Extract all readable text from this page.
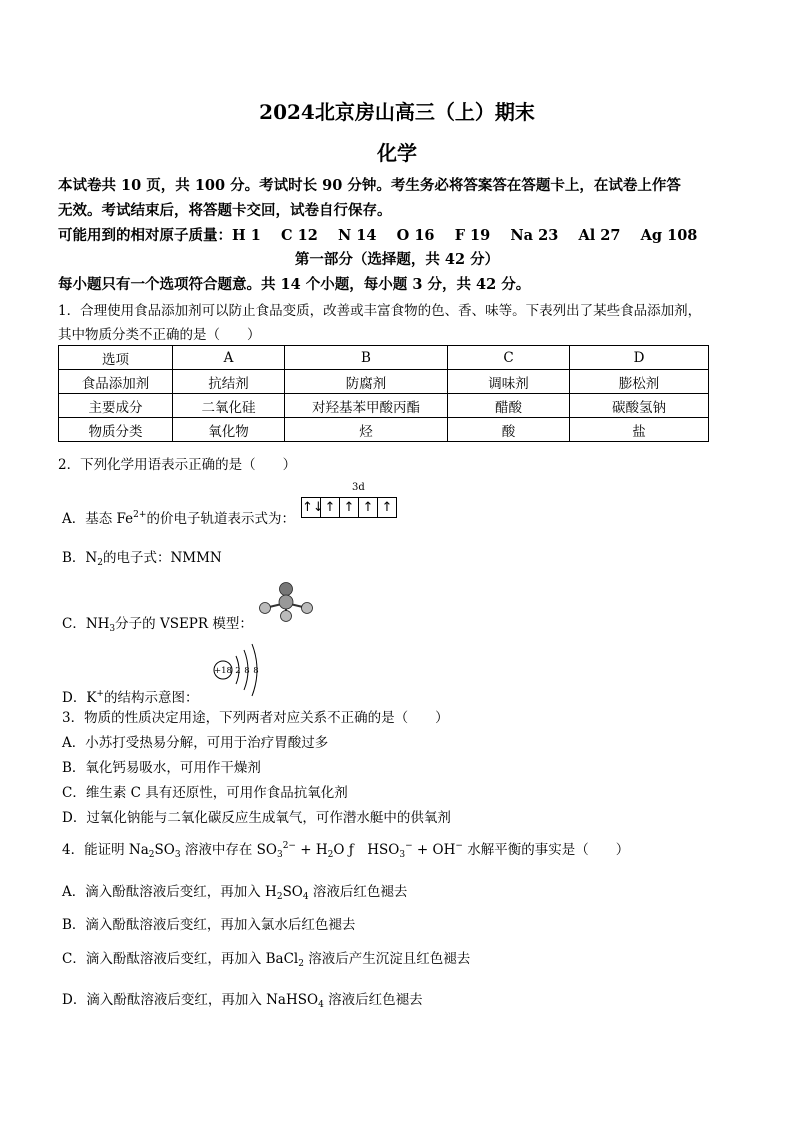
2024北京房山高三（上）期末
化学
本试卷共 10 页，共 100 分。考试时长 90 分钟。考生务必将答案答在答题卡上，在试卷上作答
无效。考试结束后，将答题卡交回，试卷自行保存。
可能用到的相对原子质量：H 1    C 12    N 14    O 16    F 19    Na 23    Al 27    Ag 108
第一部分（选择题，共 42 分）
每小题只有一个选项符合题意。共 14 个小题，每小题 3 分，共 42 分。
1．合理使用食品添加剂可以防止食品变质，改善或丰富食物的色、香、味等。下表列出了某些食品添加剂，
其中物质分类不正确的是（　　）
选项	A	B	C	D
食品添加剂	抗结剂	防腐剂	调味剂	膨松剂
主要成分	二氧化硅	对羟基苯甲酸丙酯	醋酸	碳酸氢钠
物质分类	氧化物	烃	酸	盐
2．下列化学用语表示正确的是（　　）
A．基态 $Fe^{2+}$的价电子轨道表示式为：
3d
↑↓↑ ↑ ↑ ↑
B．$N_2$的电子式：NMMN
C．$NH_3$分子的 VSEPR 模型：
D．K+的结构示意图：
+18 2 8 8
3．物质的性质决定用途，下列两者对应关系不正确的是（　　）
A．小苏打受热易分解，可用于治疗胃酸过多
B．氧化钙易吸水，可用作干燥剂
C．维生素 C 具有还原性，可用作食品抗氧化剂
D．过氧化钠能与二氧化碳反应生成氧气，可作潜水艇中的供氧剂
4．能证明 $Na_2SO_3$ 溶液中存在 $SO_3^{2-} + H_2O$ ƒ　$HSO_3^- + OH^-$ 水解平衡的事实是（　　）
A．滴入酚酞溶液后变红，再加入 $H_2SO_4$ 溶液后红色褪去
B．滴入酚酞溶液后变红，再加入氯水后红色褪去
C．滴入酚酞溶液后变红，再加入 BaCl$_2$ 溶液后产生沉淀且红色褪去
D．滴入酚酞溶液后变红，再加入 NaHSO$_4$ 溶液后红色褪去
